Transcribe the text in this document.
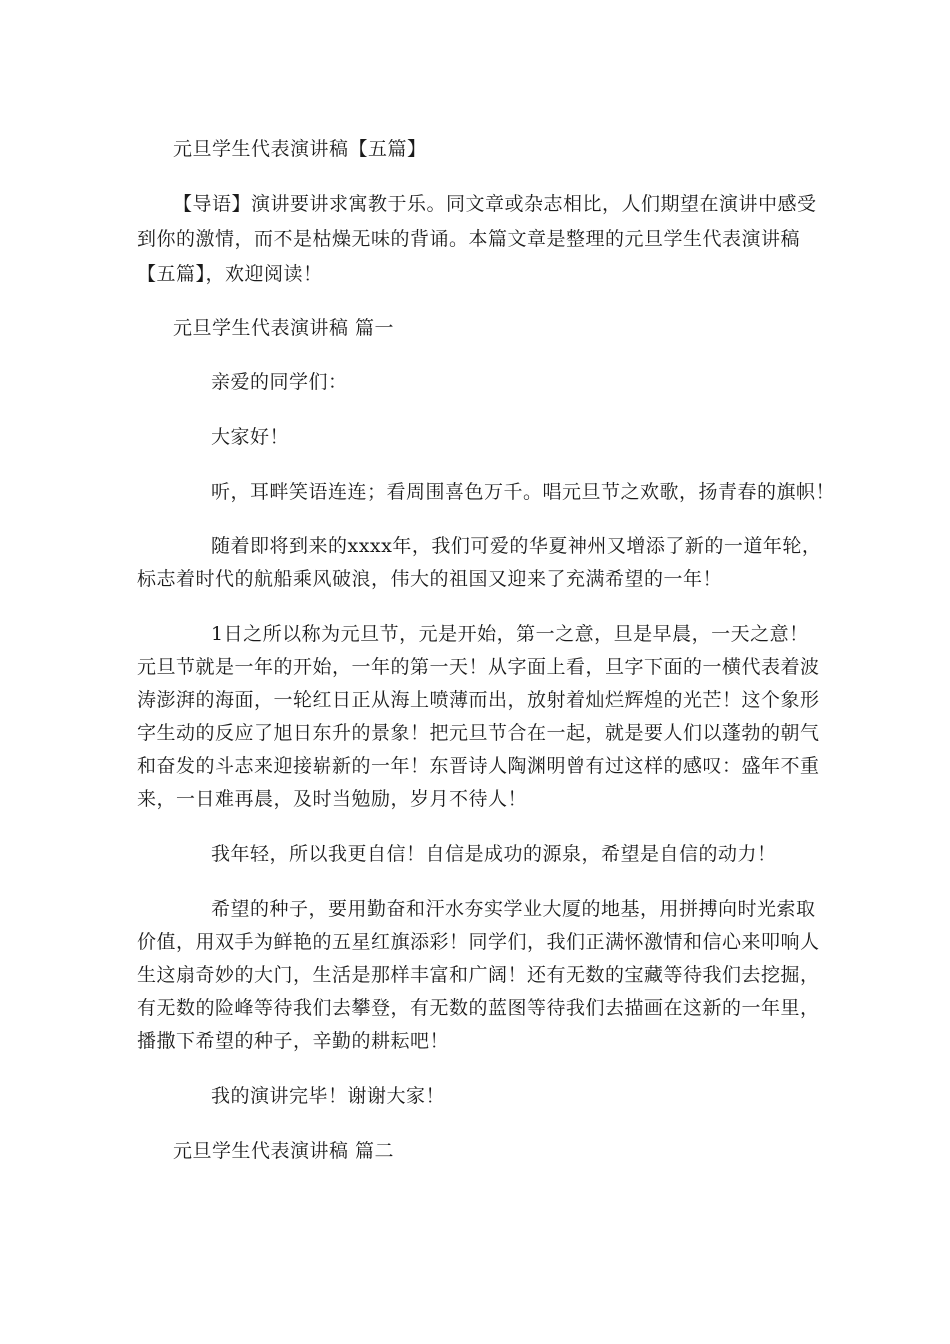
元旦学生代表演讲稿【五篇】
【导语】演讲要讲求寓教于乐。同文章或杂志相比，人们期望在演讲中感受
到你的激情，而不是枯燥无味的背诵。本篇文章是整理的元旦学生代表演讲稿
【五篇】，欢迎阅读！
元旦学生代表演讲稿 篇一
亲爱的同学们：
大家好！
听，耳畔笑语连连；看周围喜色万千。唱元旦节之欢歌，扬青春的旗帜！
随着即将到来的xxxx年，我们可爱的华夏神州又增添了新的一道年轮，
标志着时代的航船乘风破浪，伟大的祖国又迎来了充满希望的一年！
1日之所以称为元旦节，元是开始，第一之意，旦是早晨，一天之意！
元旦节就是一年的开始，一年的第一天！从字面上看，旦字下面的一横代表着波
涛澎湃的海面，一轮红日正从海上喷薄而出，放射着灿烂辉煌的光芒！这个象形
字生动的反应了旭日东升的景象！把元旦节合在一起，就是要人们以蓬勃的朝气
和奋发的斗志来迎接崭新的一年！东晋诗人陶渊明曾有过这样的感叹：盛年不重
来，一日难再晨，及时当勉励，岁月不待人！
我年轻，所以我更自信！自信是成功的源泉，希望是自信的动力！
希望的种子，要用勤奋和汗水夯实学业大厦的地基，用拼搏向时光索取
价值，用双手为鲜艳的五星红旗添彩！同学们，我们正满怀激情和信心来叩响人
生这扇奇妙的大门，生活是那样丰富和广阔！还有无数的宝藏等待我们去挖掘，
有无数的险峰等待我们去攀登，有无数的蓝图等待我们去描画在这新的一年里，
播撒下希望的种子，辛勤的耕耘吧！
我的演讲完毕！谢谢大家！
元旦学生代表演讲稿 篇二
